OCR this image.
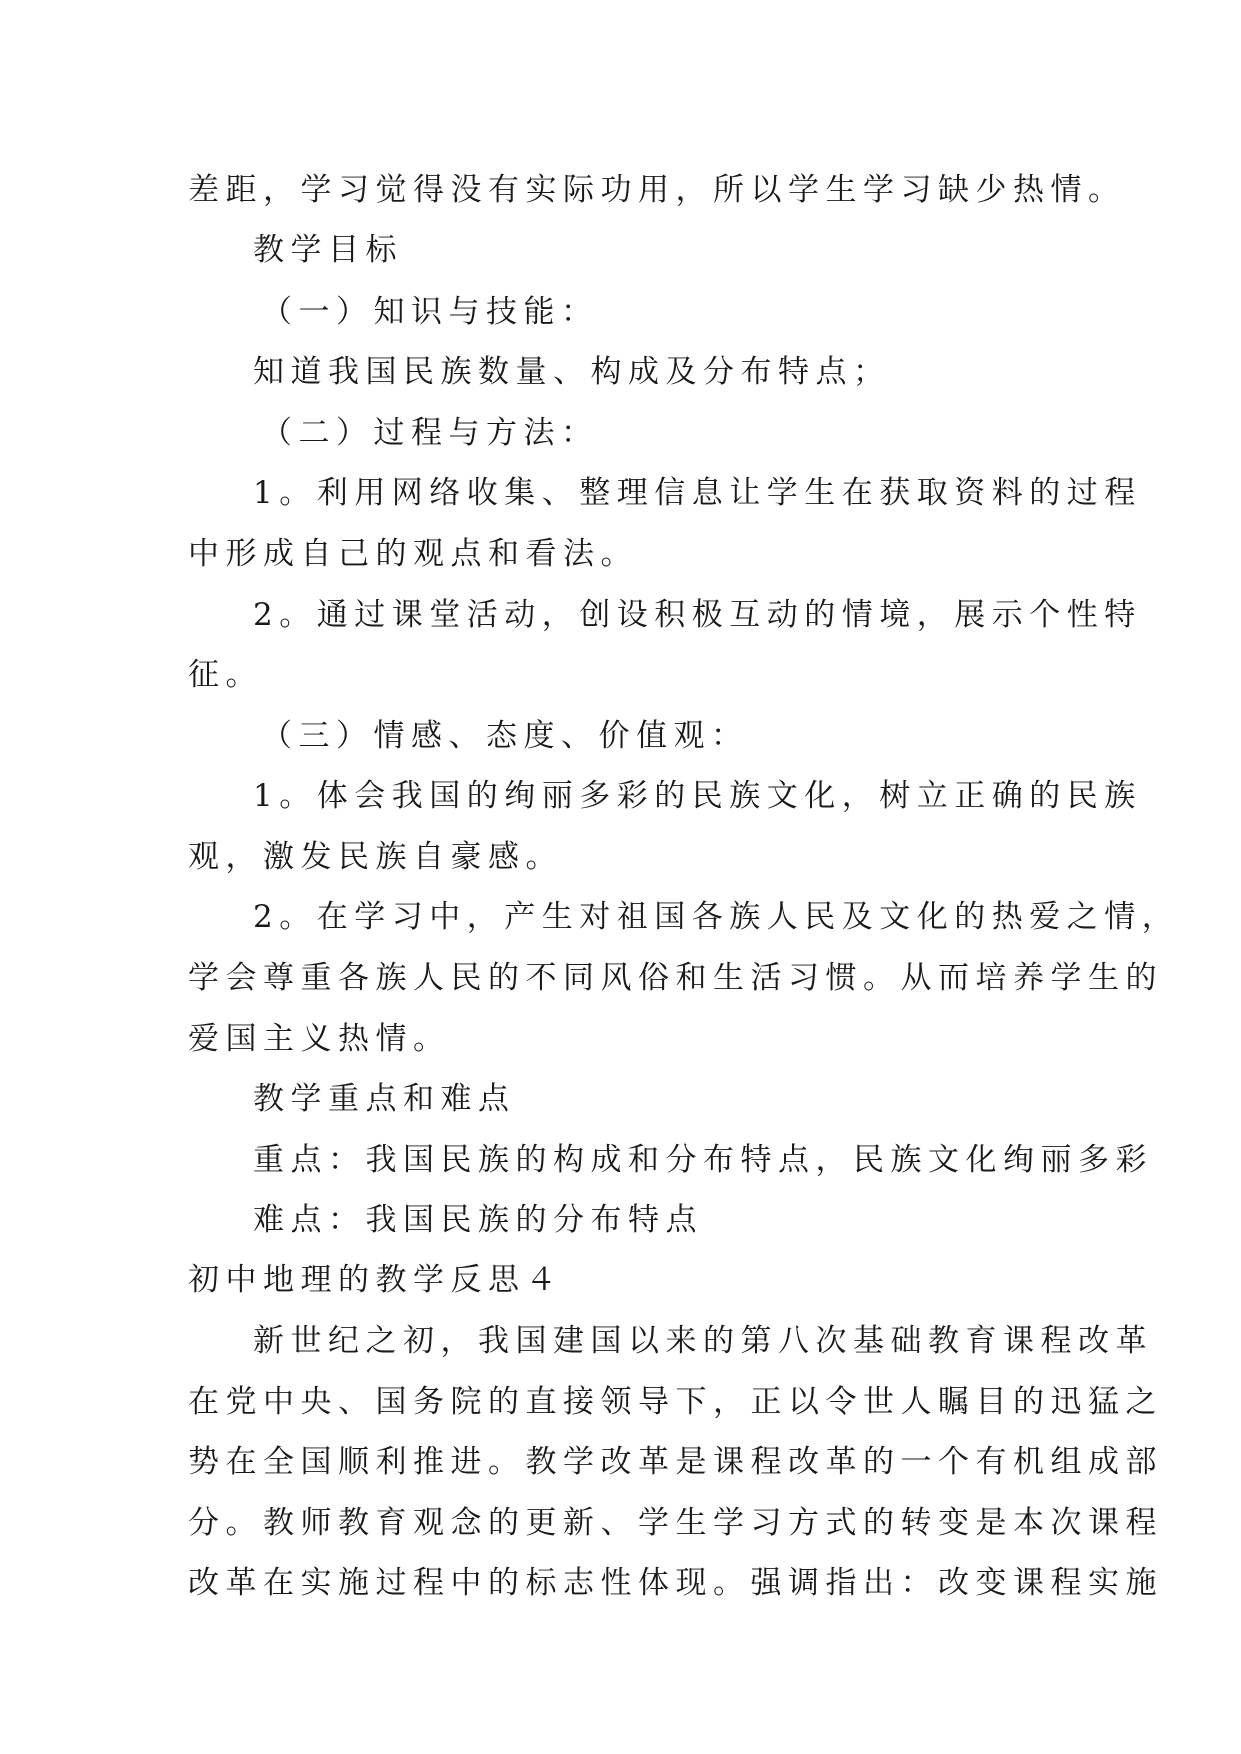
差距，学习觉得没有实际功用，所以学生学习缺少热情。
教学目标
（一）知识与技能：
知道我国民族数量、构成及分布特点；
（二）过程与方法：
1。利用网络收集、整理信息让学生在获取资料的过程
中形成自己的观点和看法。
2。通过课堂活动，创设积极互动的情境，展示个性特
征。
（三）情感、态度、价值观：
1。体会我国的绚丽多彩的民族文化，树立正确的民族
观，激发民族自豪感。
2。在学习中，产生对祖国各族人民及文化的热爱之情，
学会尊重各族人民的不同风俗和生活习惯。从而培养学生的
爱国主义热情。
教学重点和难点
重点：我国民族的构成和分布特点，民族文化绚丽多彩
难点：我国民族的分布特点
初中地理的教学反思４
新世纪之初，我国建国以来的第八次基础教育课程改革
在党中央、国务院的直接领导下，正以令世人瞩目的迅猛之
势在全国顺利推进。教学改革是课程改革的一个有机组成部
分。教师教育观念的更新、学生学习方式的转变是本次课程
改革在实施过程中的标志性体现。强调指出：改变课程实施
